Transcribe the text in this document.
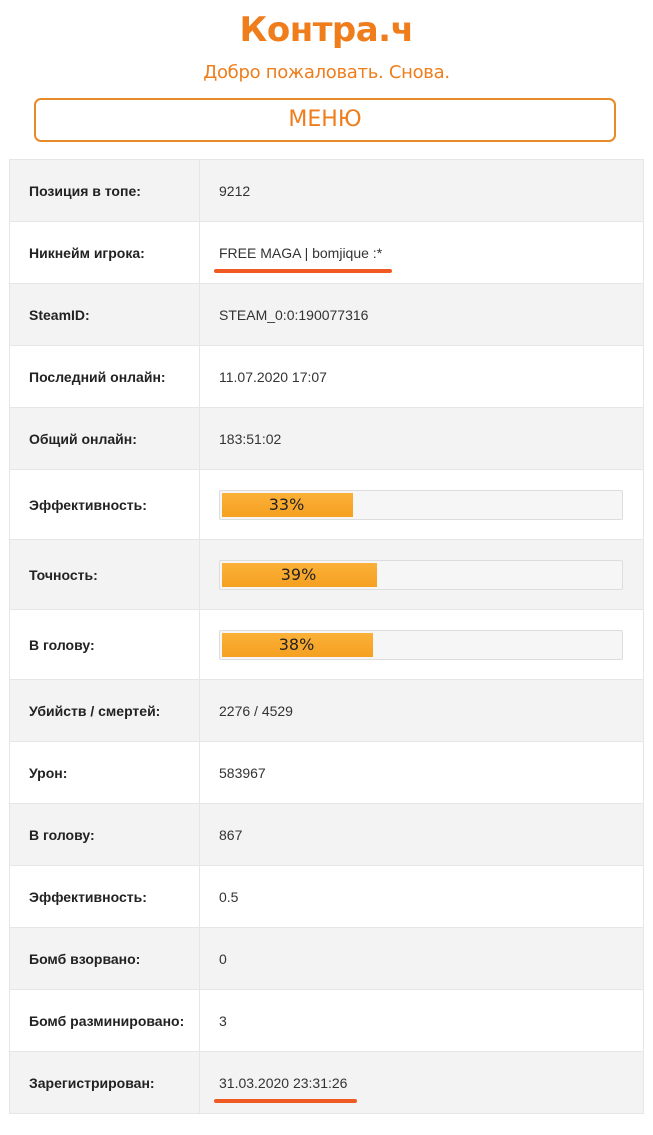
Контра.ч
Добро пожаловать. Снова.
МЕНЮ
Позиция в топе:	9212
Никнейм игрока:	FREE MAGA | bomjique :*

SteamID:	STEAM_0:0:190077316
Последний онлайн:	11.07.2020 17:07
Общий онлайн:	183:51:02
Эффективность:	33%

Точность:	39%

В голову:	38%

Убийств / смертей:	2276 / 4529
Урон:	583967
В голову:	867
Эффективность:	0.5
Бомб взорвано:	0
Бомб разминировано:	3
Зарегистрирован:	31.03.2020 23:31:26
